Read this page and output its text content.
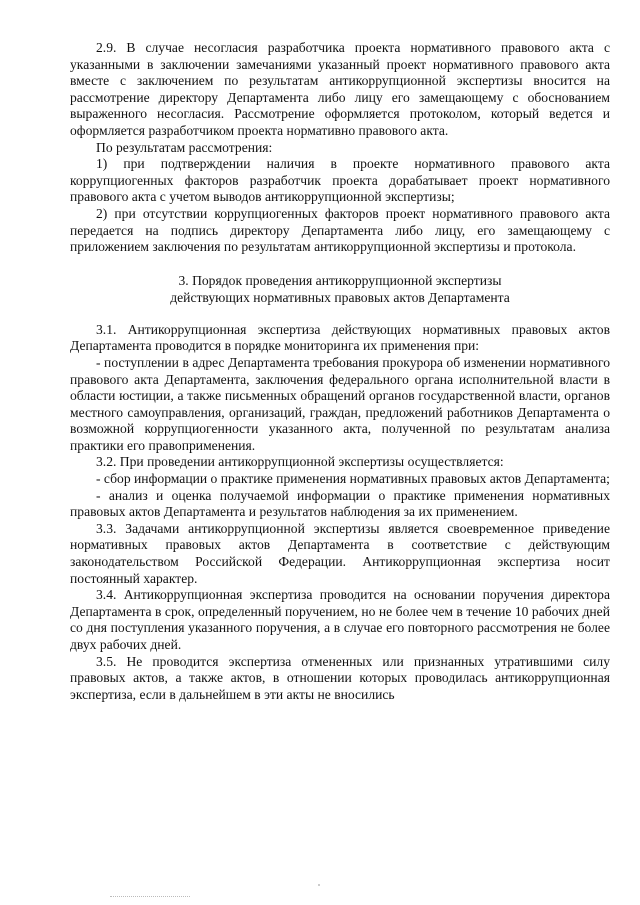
2.9. В случае несогласия разработчика проекта нормативного правового акта с указанными в заключении замечаниями указанный проект нормативного правового акта вместе с заключением по результатам антикоррупционной экспертизы вносится на рассмотрение директору Департамента либо лицу его замещающему с обоснованием выраженного несогласия. Рассмотрение оформляется протоколом, который ведется и оформляется разработчиком проекта нормативно правового акта.

По результатам рассмотрения:

1) при подтверждении наличия в проекте нормативного правового акта коррупциогенных факторов разработчик проекта дорабатывает проект нормативного правового акта с учетом выводов антикоррупционной экспертизы;

2) при отсутствии коррупциогенных факторов проект нормативного правового акта передается на подпись директору Департамента либо лицу, его замещающему с приложением заключения по результатам антикоррупционной экспертизы и протокола.

3. Порядок проведения антикоррупционной экспертизы

действующих нормативных правовых актов Департамента

3.1. Антикоррупционная экспертиза действующих нормативных правовых актов Департамента проводится в порядке мониторинга их применения при:

- поступлении в адрес Департамента требования прокурора об изменении нормативного правового акта Департамента, заключения федерального органа исполнительной власти в области юстиции, а также письменных обращений органов государственной власти, органов местного самоуправления, организаций, граждан, предложений работников Департамента о возможной коррупциогенности указанного акта, полученной по результатам анализа практики его правоприменения.

3.2. При проведении антикоррупционной экспертизы осуществляется:

- сбор информации о практике применения нормативных правовых актов Департамента;

- анализ и оценка получаемой информации о практике применения нормативных правовых актов Департамента и результатов наблюдения за их применением.

3.3. Задачами антикоррупционной экспертизы является своевременное приведение нормативных правовых актов Департамента в соответствие с действующим законодательством Российской Федерации. Антикоррупционная экспертиза носит постоянный характер.

3.4. Антикоррупционная экспертиза проводится на основании поручения директора Департамента в срок, определенный поручением, но не более чем в течение 10 рабочих дней со дня поступления указанного поручения, а в случае его повторного рассмотрения не более двух рабочих дней.

3.5. Не проводится экспертиза отмененных или признанных утратившими силу правовых актов, а также актов, в отношении которых проводилась антикоррупционная экспертиза, если в дальнейшем в эти акты не вносились
